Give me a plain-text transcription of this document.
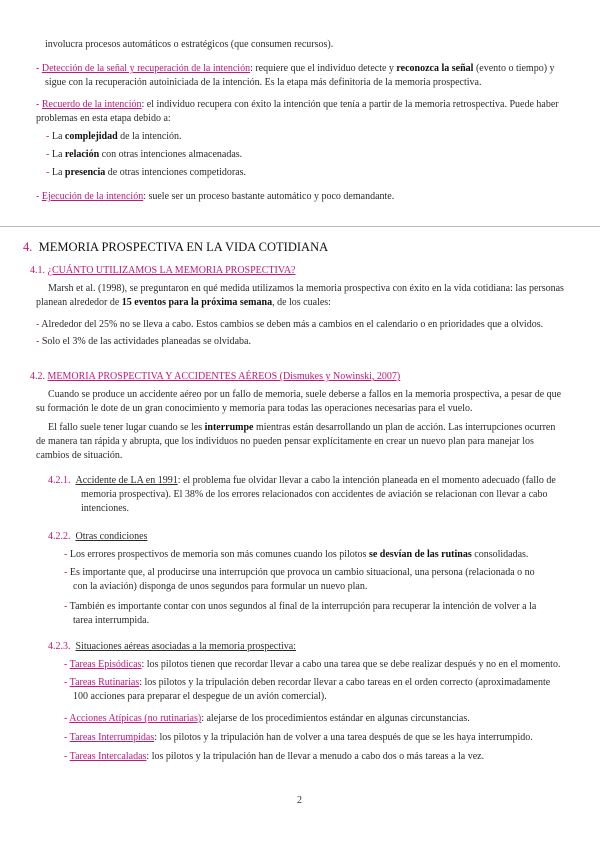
involucra procesos automáticos o estratégicos (que consumen recursos).
- Detección de la señal y recuperación de la intención: requiere que el individuo detecte y reconozca la señal (evento o tiempo) y
sigue con la recuperación autoiniciada de la intención. Es la etapa más definitoria de la memoria prospectiva.
- Recuerdo de la intención: el individuo recupera con éxito la intención que tenía a partir de la memoria retrospectiva. Puede haber
problemas en esta etapa debido a:
- La complejidad de la intención.
- La relación con otras intenciones almacenadas.
- La presencia de otras intenciones competidoras.
- Ejecución de la intención: suele ser un proceso bastante automático y poco demandante.
4. MEMORIA PROSPECTIVA EN LA VIDA COTIDIANA
4.1. ¿CUÁNTO UTILIZAMOS LA MEMORIA PROSPECTIVA?
Marsh et al. (1998), se preguntaron en qué medida utilizamos la memoria prospectiva con éxito en la vida cotidiana: las personas
planean alrededor de 15 eventos para la próxima semana, de los cuales:
- Alrededor del 25% no se lleva a cabo. Estos cambios se deben más a cambios en el calendario o en prioridades que a olvidos.
- Solo el 3% de las actividades planeadas se olvidaba.
4.2. MEMORIA PROSPECTIVA Y ACCIDENTES AÉREOS (Dismukes y Nowinski, 2007)
Cuando se produce un accidente aéreo por un fallo de memoria, suele deberse a fallos en la memoria prospectiva, a pesar de que
su formación le dote de un gran conocimiento y memoria para todas las operaciones necesarias para el vuelo.
El fallo suele tener lugar cuando se les interrumpe mientras están desarrollando un plan de acción. Las interrupciones ocurren
de manera tan rápida y abrupta, que los individuos no pueden pensar explícitamente en crear un nuevo plan para manejar los
cambios de situación.
4.2.1. Accidente de LA en 1991: el problema fue olvidar llevar a cabo la intención planeada en el momento adecuado (fallo de
memoria prospectiva). El 38% de los errores relacionados con accidentes de aviación se relacionan con llevar a cabo
intenciones.
4.2.2. Otras condiciones
- Los errores prospectivos de memoria son más comunes cuando los pilotos se desvían de las rutinas consolidadas.
- Es importante que, al producirse una interrupción que provoca un cambio situacional, una persona (relacionada o no
con la aviación) disponga de unos segundos para formular un nuevo plan.
- También es importante contar con unos segundos al final de la interrupción para recuperar la intención de volver a la
tarea interrumpida.
4.2.3. Situaciones aéreas asociadas a la memoria prospectiva:
- Tareas Episódicas: los pilotos tienen que recordar llevar a cabo una tarea que se debe realizar después y no en el momento.
- Tareas Rutinarias: los pilotos y la tripulación deben recordar llevar a cabo tareas en el orden correcto (aproximadamente
100 acciones para preparar el despegue de un avión comercial).
- Acciones Atípicas (no rutinarias): alejarse de los procedimientos estándar en algunas circunstancias.
- Tareas Interrumpidas: los pilotos y la tripulación han de volver a una tarea después de que se les haya interrumpido.
- Tareas Intercaladas: los pilotos y la tripulación han de llevar a menudo a cabo dos o más tareas a la vez.
2
